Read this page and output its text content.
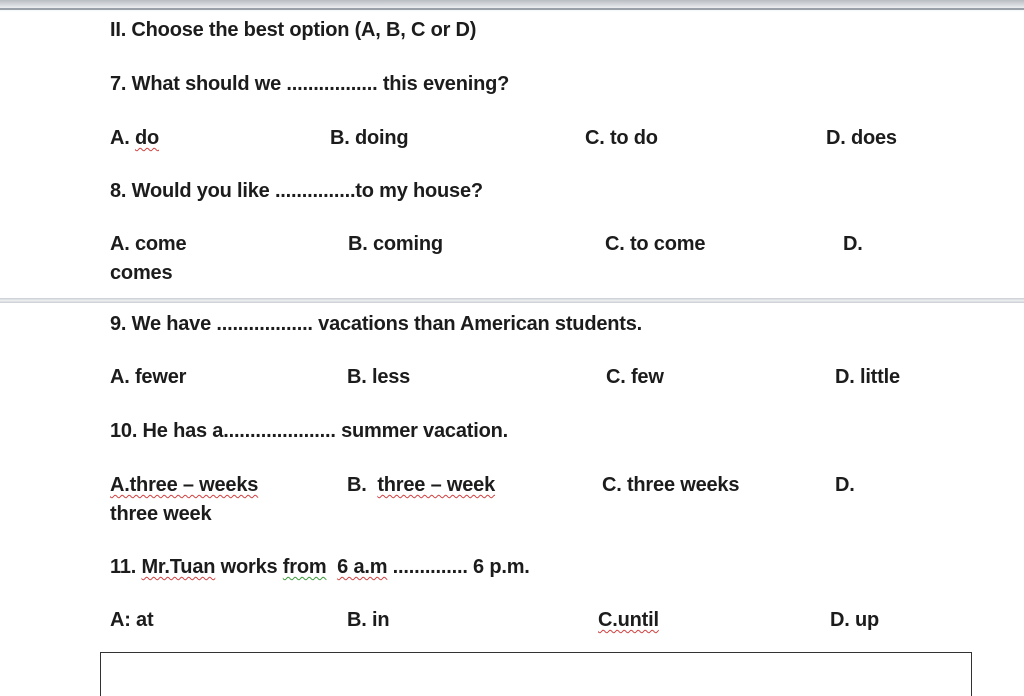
II. Choose the best option (A, B, C or D)
7. What should we ................. this evening?
A. do	B. doing	C. to do	D. does
8. Would you like ...............to my house?
A. come	B. coming	C. to come	D.
comes
9. We have .................. vacations than American students.
A. fewer	B. less	C. few	D. little
10. He has a..................... summer vacation.
A.three – weeks	B. three – week	C. three weeks	D.
three week
11. Mr.Tuan works from 6 a.m .............. 6 p.m.
A: at	B. in	C.until	D. up
